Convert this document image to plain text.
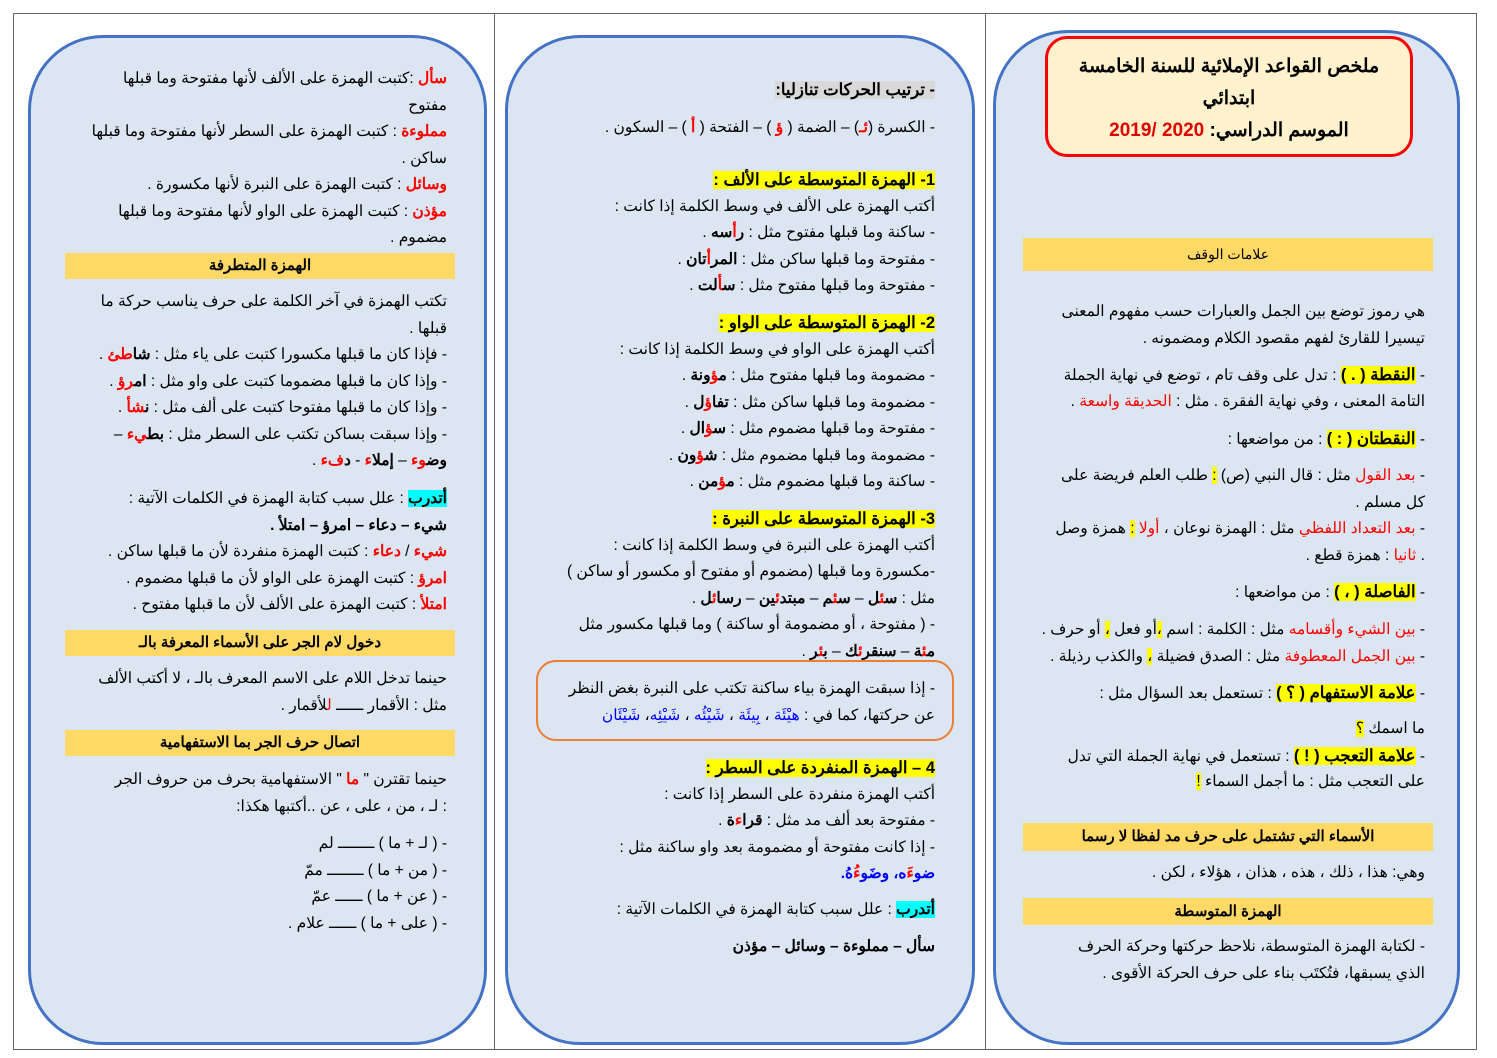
ملخص القواعد الإملائية للسنة الخامسة
ابتدائي
الموسم الدراسي: 2020 /2019
علامات الوقف
هي رموز توضع بين الجمل والعبارات حسب مفهوم المعنى
تيسيرا للقارئ لفهم مقصود الكلام ومضمونه .
- النقطة ( . ) : تدل على وقف تام ، توضع في نهاية الجملة
التامة المعنى ، وفي نهاية الفقرة . مثل : الحديقة واسعة .
- النقطتان ( : ) : من مواضعها :
- بعد القول مثل : قال النبي (ص) : طلب العلم فريضة على
كل مسلم .
- بعد التعداد اللفظي مثل : الهمزة نوعان ، أولا : همزة وصل
. ثانيا : همزة قطع .
- الفاصلة ( ، ) : من مواضعها :
- بين الشيء وأقسامه مثل : الكلمة : اسم ،أو فعل ، أو حرف .
- بين الجمل المعطوفة مثل : الصدق فضيلة ، والكذب رذيلة .
- علامة الاستفهام ( ؟ ) : تستعمل بعد السؤال مثل :
ما اسمك ؟
- علامة التعجب ( ! ) : تستعمل في نهاية الجملة التي تدل
على التعجب مثل : ما أجمل السماء !
الأسماء التي تشتمل على حرف مد لفظا لا رسما
وهي: هذا ، ذلك ، هذه ، هذان ، هؤلاء ، لكن .
الهمزة المتوسطة
- لكتابة الهمزة المتوسطة، نلاحظ حركتها وحركة الحرف
الذي يسبقها، فتُكتَب بناء على حرف الحركة الأقوى .
- ترتيب الحركات تنازليا:
- الكسرة (ئـ) – الضمة ( ؤ ) – الفتحة ( أ ) – السكون .
1- الهمزة المتوسطة على الألف :
أكتب الهمزة على الألف في وسط الكلمة إذا كانت :
- ساكنة وما قبلها مفتوح مثل : رأسه .
- مفتوحة وما قبلها ساكن مثل : المرأتان .
- مفتوحة وما قبلها مفتوح مثل : سألت .
2- الهمزة المتوسطة على الواو :
أكتب الهمزة على الواو في وسط الكلمة إذا كانت :
- مضمومة وما قبلها مفتوح مثل : مؤونة .
- مضمومة وما قبلها ساكن مثل : تفاؤل .
- مفتوحة وما قبلها مضموم مثل : سؤال .
- مضمومة وما قبلها مضموم مثل : شؤون .
- ساكنة وما قبلها مضموم مثل : مؤمن .
3- الهمزة المتوسطة على النبرة :
أكتب الهمزة على النبرة في وسط الكلمة إذا كانت :
-مكسورة وما قبلها (مضموم أو مفتوح أو مكسور أو ساكن )
مثل : سئل – سئم – مبتدئين – رسائل .
- ( مفتوحة ، أو مضمومة أو ساكنة ) وما قبلها مكسور مثل
مئة – سنقرئك – بئر .
- إذا سبقت الهمزة بياء ساكنة تكتب على النبرة بغض النظر
عن حركتها، كما في : هيْئَة ، بِيئَة ، شَيْئُه ، شَيْئِه، شَيْئَان
4 – الهمزة المنفردة على السطر :
أكتب الهمزة منفردة على السطر إذا كانت :
- مفتوحة بعد ألف مد مثل : قراءة .
- إذا كانت مفتوحة أو مضمومة بعد واو ساكنة مثل :
ضوءَه، وضَوءُهُ.
أتدرب : علل سبب كتابة الهمزة في الكلمات الآتية :
سأل – مملوءة – وسائل – مؤذن
سأل :كتبت الهمزة على الألف لأنها مفتوحة وما قبلها
مفتوح
مملوءة : كتبت الهمزة على السطر لأنها مفتوحة وما قبلها
ساكن .
وسائل : كتبت الهمزة على النبرة لأنها مكسورة .
مؤذن : كتبت الهمزة على الواو لأنها مفتوحة وما قبلها
مضموم .
الهمزة المتطرفة
تكتب الهمزة في آخر الكلمة على حرف يناسب حركة ما
قبلها .
- فإذا كان ما قبلها مكسورا كتبت على ياء مثل : شاطئ .
- وإذا كان ما قبلها مضموما كتبت على واو مثل : امرؤ .
- وإذا كان ما قبلها مفتوحا كتبت على ألف مثل : نشأ .
- وإذا سبقت بساكن تكتب على السطر مثل : بطيء –
وضوء – إملاء - دفء .
أتدرب : علل سبب كتابة الهمزة في الكلمات الآتية :
شيء – دعاء – امرؤ – امتلأ .
شيء / دعاء : كتبت الهمزة منفردة لأن ما قبلها ساكن .
امرؤ : كتبت الهمزة على الواو لأن ما قبلها مضموم .
امتلأ : كتبت الهمزة على الألف لأن ما قبلها مفتوح .
دخول لام الجر على الأسماء المعرفة بالـ
حينما تدخل اللام على الاسم المعرف بالـ ، لا أكتب الألف
مثل : الأقمار ــــــ للأقمار .
اتصال حرف الجر بما الاستفهامية
حينما تقترن " ما " الاستفهامية بحرف من حروف الجر
: لـ ، من ، على ، عن ..أكتبها هكذا:
- ( لـ + ما ) ــــــــ لم
- ( من + ما ) ــــــــ ممّ
- ( عن + ما ) ــــــ عمّ
- ( على + ما ) ــــــ علام .
